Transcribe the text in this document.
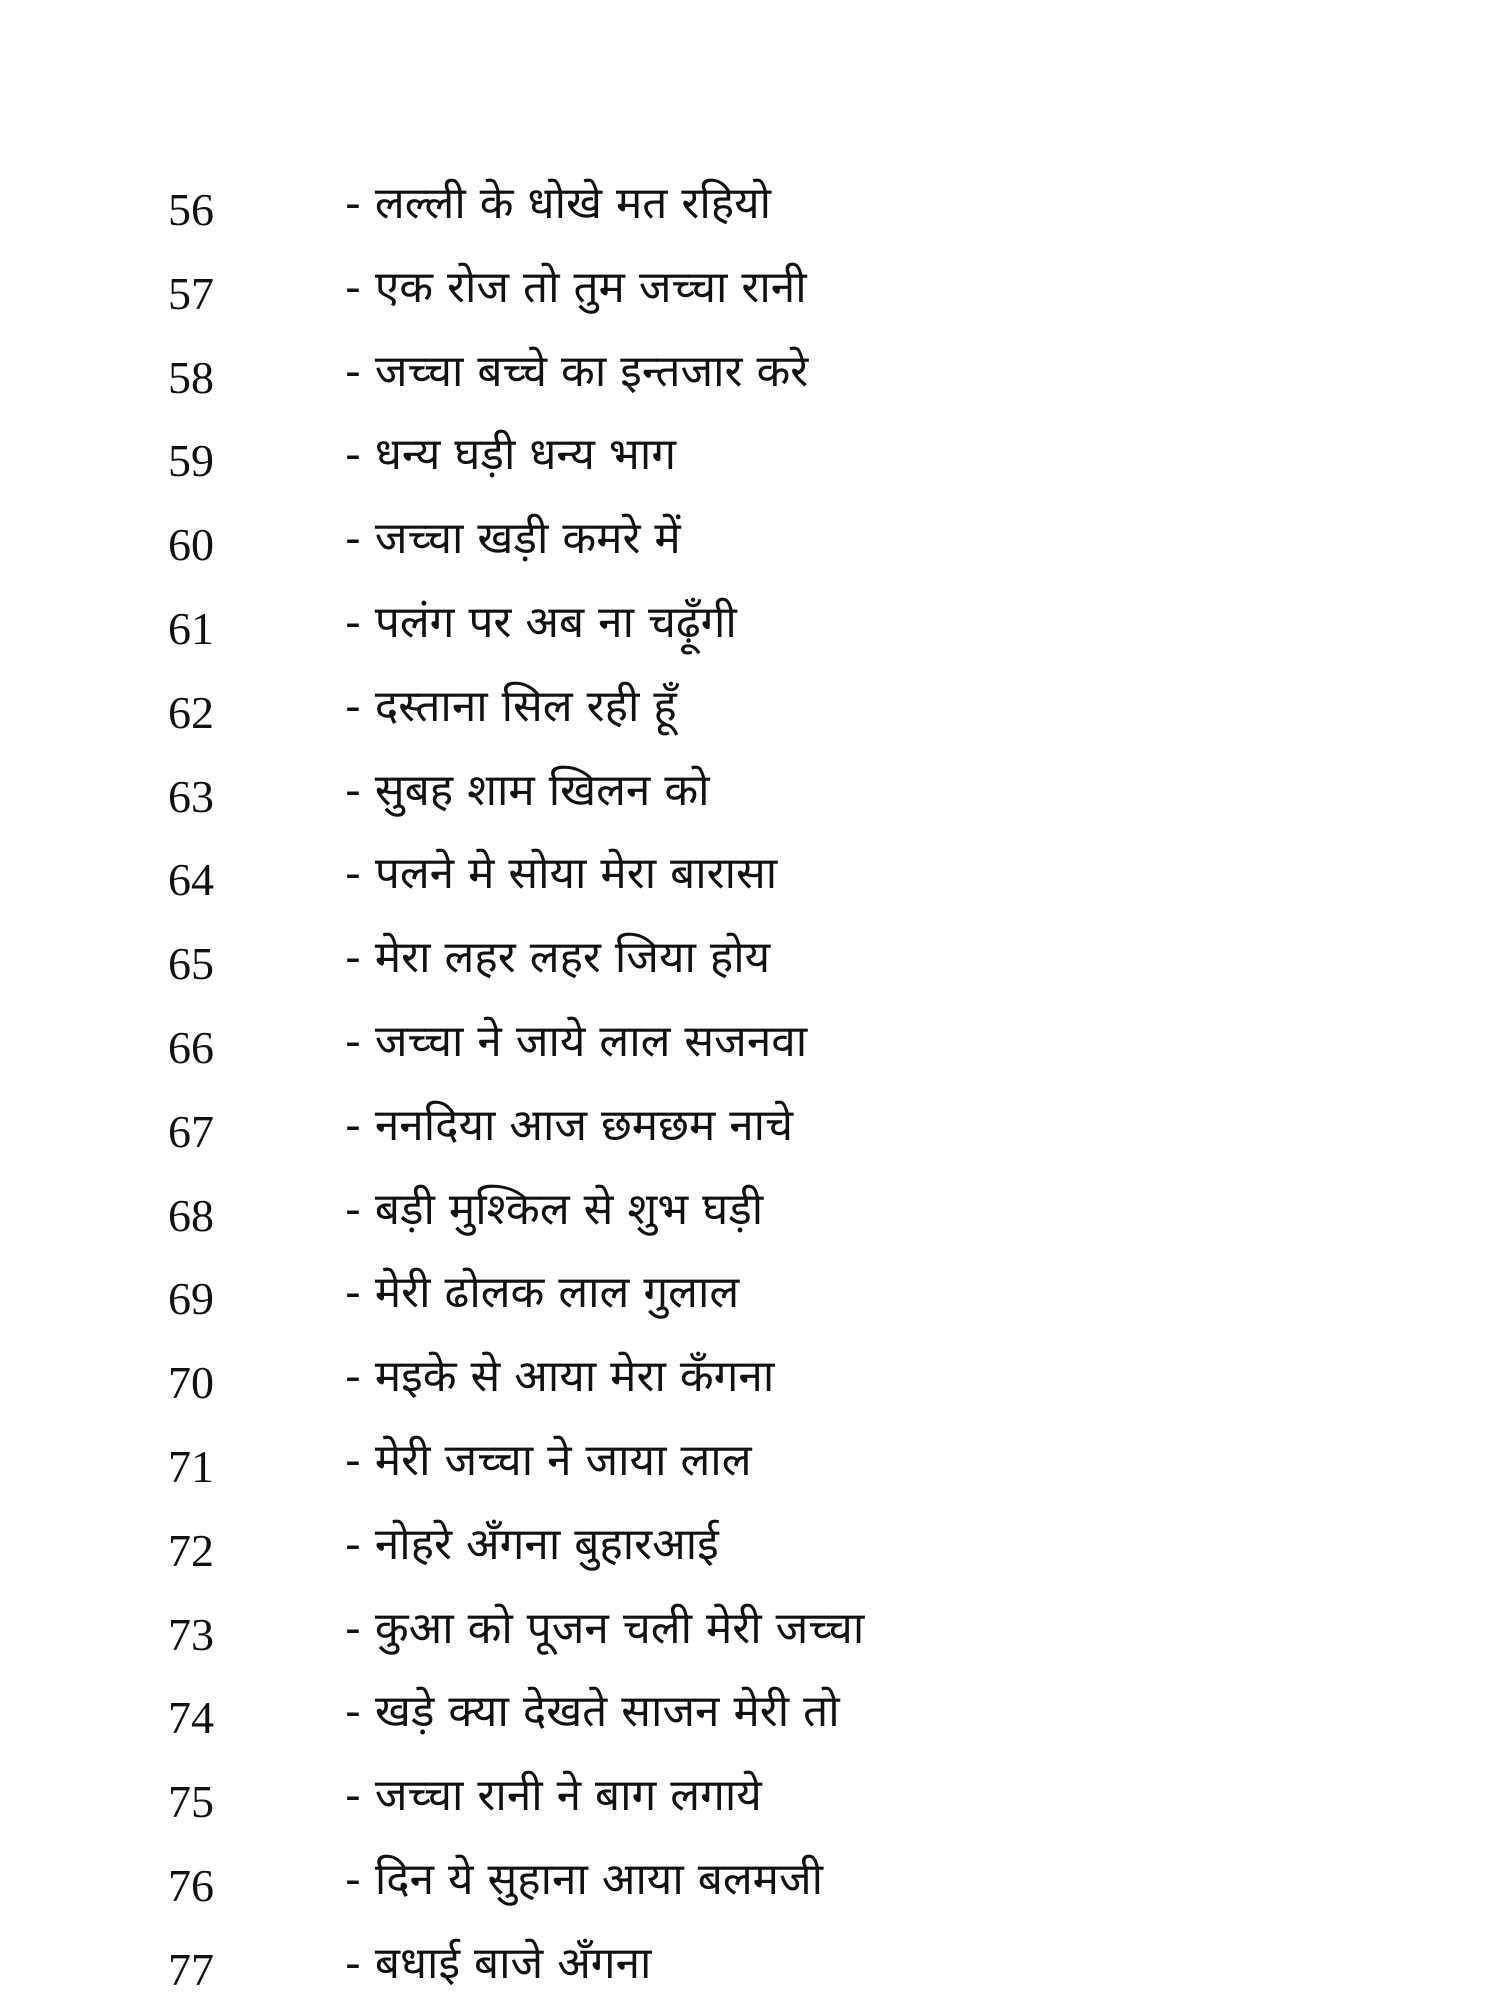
56	- लल्ली के धोखे मत रहियो
57	- एक रोज तो तुम जच्चा रानी
58	- जच्चा बच्चे का इन्तजार करे
59	- धन्य घड़ी धन्य भाग
60	- जच्चा खड़ी कमरे में
61	- पलंग पर अब ना चढ़ूँगी
62	- दस्ताना सिल रही हूँ
63	- सुबह शाम खिलन को
64	- पलने मे सोया मेरा बारासा
65	- मेरा लहर लहर जिया होय
66	- जच्चा ने जाये लाल सजनवा
67	- ननदिया आज छमछम नाचे
68	- बड़ी मुश्किल से शुभ घड़ी
69	- मेरी ढोलक लाल गुलाल
70	- मइके से आया मेरा कँगना
71	- मेरी जच्चा ने जाया लाल
72	- नोहरे अँगना बुहारआई
73	- कुआ को पूजन चली मेरी जच्चा
74	- खड़े क्या देखते साजन मेरी तो
75	- जच्चा रानी ने बाग लगाये
76	- दिन ये सुहाना आया बलमजी
77	- बधाई बाजे अँगना
